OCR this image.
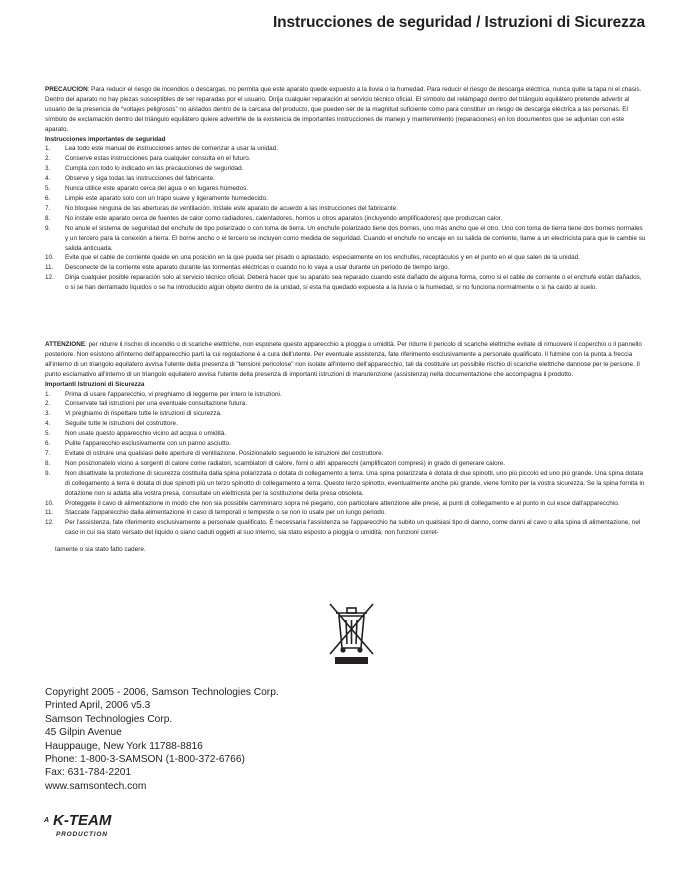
Instrucciones de seguridad / Istruzioni di Sicurezza

PRECAUCION: Para reducir el riesgo de incendios o descargas, no permita que este aparato quede expuesto a la lluvia o la humedad. Para reducir el riesgo de descarga eléctrica, nunca quite la tapa ni el chasis. Dentro del aparato no hay piezas susceptibles de ser reparadas por el usuario. Dirija cualquier reparación al servicio técnico oficial. El símbolo del relámpago dentro del triángulo equilátero pretende advertir al usuario de la presencia de “voltajes peligrosos” no aislados dentro de la carcasa del producto, que pueden ser de la magnitud suficiente como para constituir un riesgo de descarga eléctrica a las personas. El símbolo de exclamación dentro del triángulo equilátero quiere advertirle de la existencia de importantes instrucciones de manejo y mantenimiento (reparaciones) en los documentos que se adjuntan con este aparato.

Instrucciones importantes de seguridad

1. Lea todo este manual de instrucciones antes de comenzar a usar la unidad.
2. Conserve estas instrucciones para cualquier consulta en el futuro.
3. Cumpla con todo lo indicado en las precauciones de seguridad.
4. Observe y siga todas las instrucciones del fabricante.
5. Nunca utilice este aparato cerca del agua o en lugares húmedos.
6. Limpie este aparato solo con un trapo suave y ligeramente humedecido.
7. No bloquee ninguna de las aberturas de ventilación. Instale este aparato de acuerdo a las instrucciones del fabricante.
8. No instale este aparato cerca de fuentes de calor como radiadores, calentadores, hornos u otros aparatos (incluyendo amplificadores) que produzcan calor.
9. No anule el sistema de seguridad del enchufe de tipo polarizado o con toma de tierra. Un enchufe polarizado tiene dos bornes, uno más ancho que el otro. Uno con toma de tierra tiene dos bornes normales y un tercero para la conexión a tierra. El borne ancho o el tercero se incluyen como medida de seguridad. Cuando el enchufe no encaje en su salida de corriente, llame a un electricista para que le cambie su salida anticuada.
10. Evite que el cable de corriente quede en una posición en la que pueda ser pisado o aplastado, especialmente en los enchufes, receptáculos y en el punto en el que salen de la unidad.
11. Desconecte de la corriente este aparato durante las tormentas eléctricas o cuando no lo vaya a usar durante un periodo de tiempo largo.
12. Dirija cualquier posible reparación solo al servicio técnico oficial. Deberá hacer que su aparato sea reparado cuando esté dañado de alguna forma, como si el cable de corriente o el enchufe están dañados, o si se han derramado líquidos o se ha introducido algún objeto dentro de la unidad, si esta ha quedado expuesta a la lluvia o la humedad, si no funciona normalmente o si ha caído al suelo.

ATTENZIONE: per ridurre il rischio di incendio o di scariche elettriche, non esponete questo apparecchio a pioggia o umidità. Per ridurre il pericolo di scariche elettriche evitate di rimuovere il coperchio o il pannello posteriore. Non esistono all'interno dell'apparecchio parti la cui regolazione è a cura dell'utente. Per eventuale assistenza, fate riferimento esclusivamente a personale qualificato. Il fulmine con la punta a freccia all'interno di un triangolo equilatero avvisa l'utente della presenza di "tensioni pericolose" non isolate all'interno dell'apparecchio, tali da costituire un possibile rischio di scariche elettriche dannose per le persone. Il punto esclamativo all'interno di un triangolo equilatero avvisa l'utente della presenza di importanti istruzioni di manutenzione (assistenza) nella documentazione che accompagna il prodotto.

Importanti Istruzioni di Sicurezza

1. Prima di usare l'apparecchio, vi preghiamo di leggerne per intero le istruzioni.
2. Conservate tali istruzioni per una eventuale consultazione futura.
3. Vi preghiamo di rispettare tutte le istruzioni di sicurezza.
4. Seguite tutte le istruzioni del costruttore.
5. Non usate questo apparecchio vicino ad acqua o umidità.
6. Pulite l'apparecchio esclusivamente con un panno asciutto.
7. Evitate di ostruire una qualsiasi delle aperture di ventilazione. Posizionatelo seguendo le istruzioni del costruttore.
8. Non posizionatelo vicino a sorgenti di calore come radiatori, scambiatori di calore, forni o altri apparecchi (amplificatori compresi) in grado di generare calore.
9. Non disattivate la protezione di sicurezza costituita dalla spina polarizzata o dotata di collegamento a terra. Una spina polarizzata è dotata di due spinotti, uno più piccolo ed uno più grande. Una spina dotata di collegamento a terra è dotata di due spinotti più un terzo spinotto di collegamento a terra. Questo terzo spinotto, eventualmente anche più grande, viene fornito per la vostra sicurezza. Se la spina fornita in dotazione non si adatta alla vostra presa, consultate un elettricista per la sostituzione della presa obsoleta.
10. Proteggete il cavo di alimentazione in modo che non sia possibile camminarci sopra né piegarlo, con particolare attenzione alle prese, ai punti di collegamento e al punto in cui esce dall'apparecchio.
11. Staccate l'apparecchio dalla alimentazione in caso di temporali o tempeste o se non lo usate per un lungo periodo.
12. Per l'assistenza, fate riferimento esclusivamente a personale qualificato. È necessaria l'assistenza se l'apparecchio ha subito un qualsiasi tipo di danno, come danni al cavo o alla spina di alimentazione, nel caso in cui sia stato versato del liquido o siano caduti oggetti al suo interno, sia stato esposto a pioggia o umidità, non funzioni corret-

tamente o sia stato fatto cadere.

Copyright 2005 - 2006, Samson Technologies Corp.
Printed April, 2006 v5.3
Samson Technologies Corp.
45 Gilpin Avenue
Hauppauge, New York 11788-8816
Phone: 1-800-3-SAMSON (1-800-372-6766)
Fax: 631-784-2201
www.samsontech.com
A K-TEAM
PRODUCTION
